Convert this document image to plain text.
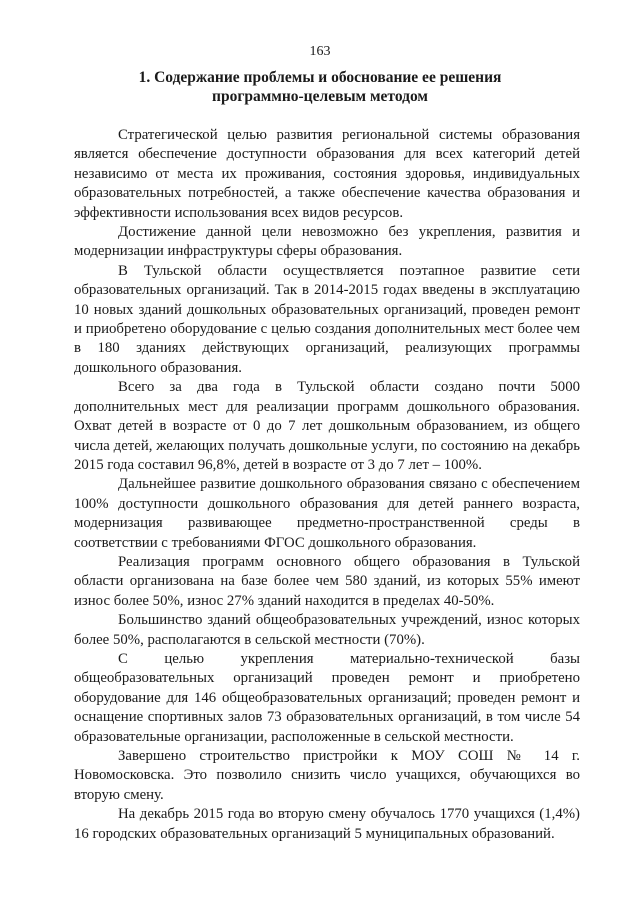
163
1. Содержание проблемы и обоснование ее решения
программно-целевым методом

Стратегической целью развития региональной системы образования является обеспечение доступности образования для всех категорий детей независимо от места их проживания, состояния здоровья, индивидуальных образовательных потребностей, а также обеспечение качества образования и эффективности использования всех видов ресурсов.

Достижение данной цели невозможно без укрепления, развития и модернизации инфраструктуры сферы образования.

В Тульской области осуществляется поэтапное развитие сети образовательных организаций. Так в 2014-2015 годах введены в эксплуатацию 10 новых зданий дошкольных образовательных организаций, проведен ремонт и приобретено оборудование с целью создания дополнительных мест более чем в 180 зданиях действующих организаций, реализующих программы дошкольного образования.

Всего за два года в Тульской области создано почти 5000 дополнительных мест для реализации программ дошкольного образования. Охват детей в возрасте от 0 до 7 лет дошкольным образованием, из общего числа детей, желающих получать дошкольные услуги, по состоянию на декабрь 2015 года составил 96,8%, детей в возрасте от 3 до 7 лет – 100%.

Дальнейшее развитие дошкольного образования связано с обеспечением 100% доступности дошкольного образования для детей раннего возраста, модернизация развивающее предметно-пространственной среды в соответствии с требованиями ФГОС дошкольного образования.

Реализация программ основного общего образования в Тульской области организована на базе более чем 580 зданий, из которых 55% имеют износ более 50%, износ 27% зданий находится в пределах 40-50%.

Большинство зданий общеобразовательных учреждений, износ которых более 50%, располагаются в сельской местности (70%).

С целью укрепления материально-технической базы общеобразовательных организаций проведен ремонт и приобретено оборудование для 146 общеобразовательных организаций; проведен ремонт и оснащение спортивных залов 73 образовательных организаций, в том числе 54 образовательные организации, расположенные в сельской местности.

Завершено строительство пристройки к МОУ СОШ № 14 г. Новомосковска. Это позволило снизить число учащихся, обучающихся во вторую смену.

На декабрь 2015 года во вторую смену обучалось 1770 учащихся (1,4%) 16 городских образовательных организаций 5 муниципальных образований.
